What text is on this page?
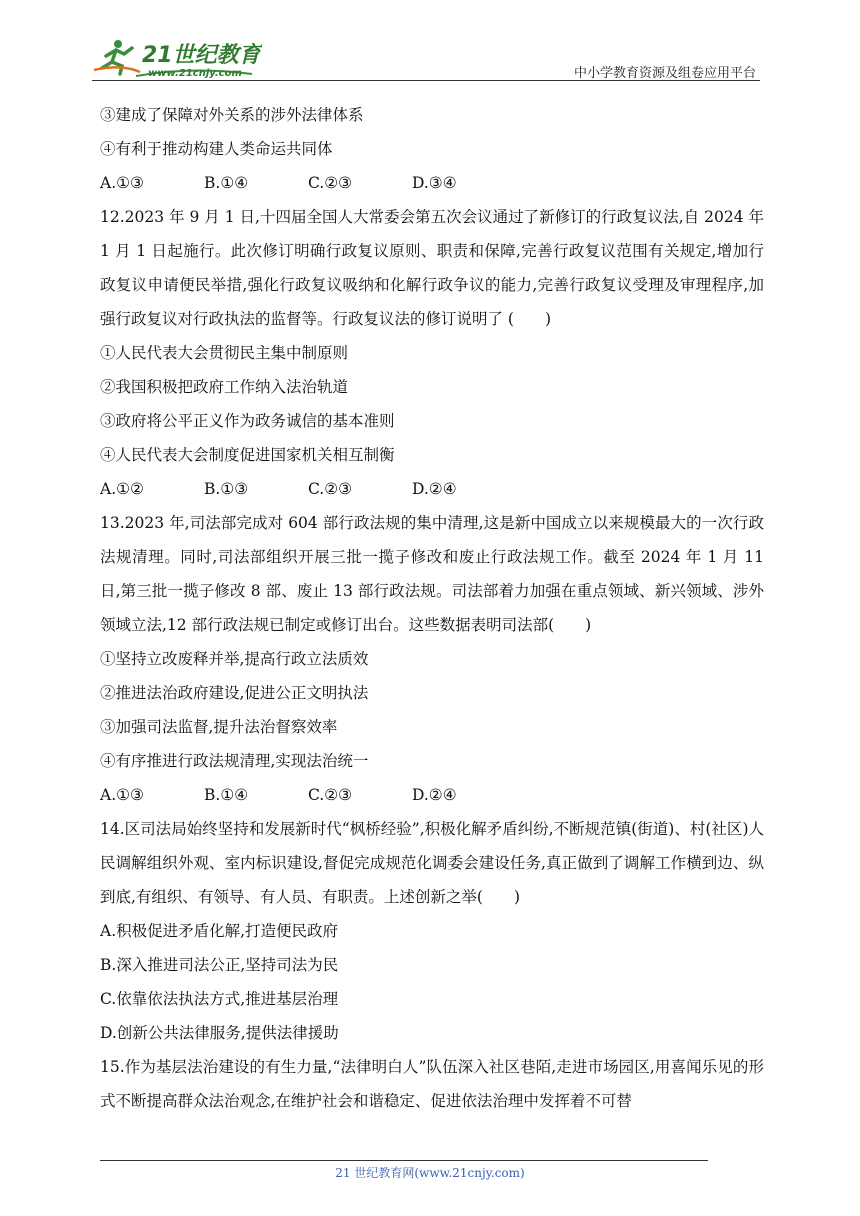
21世纪教育
www.21cnjy.com	中小学教育资源及组卷应用平台
③建成了保障对外关系的涉外法律体系
④有利于推动构建人类命运共同体
A.①③	B.①④	C.②③	D.③④
12.2023 年 9 月 1 日,十四届全国人大常委会第五次会议通过了新修订的行政复议法,自 2024 年 1 月 1 日起施行。此次修订明确行政复议原则、职责和保障,完善行政复议范围有关规定,增加行政复议申请便民举措,强化行政复议吸纳和化解行政争议的能力,完善行政复议受理及审理程序,加强行政复议对行政执法的监督等。行政复议法的修订说明了 (　　)
①人民代表大会贯彻民主集中制原则
②我国积极把政府工作纳入法治轨道
③政府将公平正义作为政务诚信的基本准则
④人民代表大会制度促进国家机关相互制衡
A.①②	B.①③	C.②③	D.②④
13.2023 年,司法部完成对 604 部行政法规的集中清理,这是新中国成立以来规模最大的一次行政法规清理。同时,司法部组织开展三批一揽子修改和废止行政法规工作。截至 2024 年 1 月 11 日,第三批一揽子修改 8 部、废止 13 部行政法规。司法部着力加强在重点领域、新兴领域、涉外领域立法,12 部行政法规已制定或修订出台。这些数据表明司法部(　　)
①坚持立改废释并举,提高行政立法质效
②推进法治政府建设,促进公正文明执法
③加强司法监督,提升法治督察效率
④有序推进行政法规清理,实现法治统一
A.①③	B.①④	C.②③	D.②④
14.区司法局始终坚持和发展新时代“枫桥经验”,积极化解矛盾纠纷,不断规范镇(街道)、村(社区)人民调解组织外观、室内标识建设,督促完成规范化调委会建设任务,真正做到了调解工作横到边、纵到底,有组织、有领导、有人员、有职责。上述创新之举(　　)
A.积极促进矛盾化解,打造便民政府
B.深入推进司法公正,坚持司法为民
C.依靠依法执法方式,推进基层治理
D.创新公共法律服务,提供法律援助
15.作为基层法治建设的有生力量,“法律明白人”队伍深入社区巷陌,走进市场园区,用喜闻乐见的形式不断提高群众法治观念,在维护社会和谐稳定、促进依法治理中发挥着不可替
21 世纪教育网(www.21cnjy.com)
